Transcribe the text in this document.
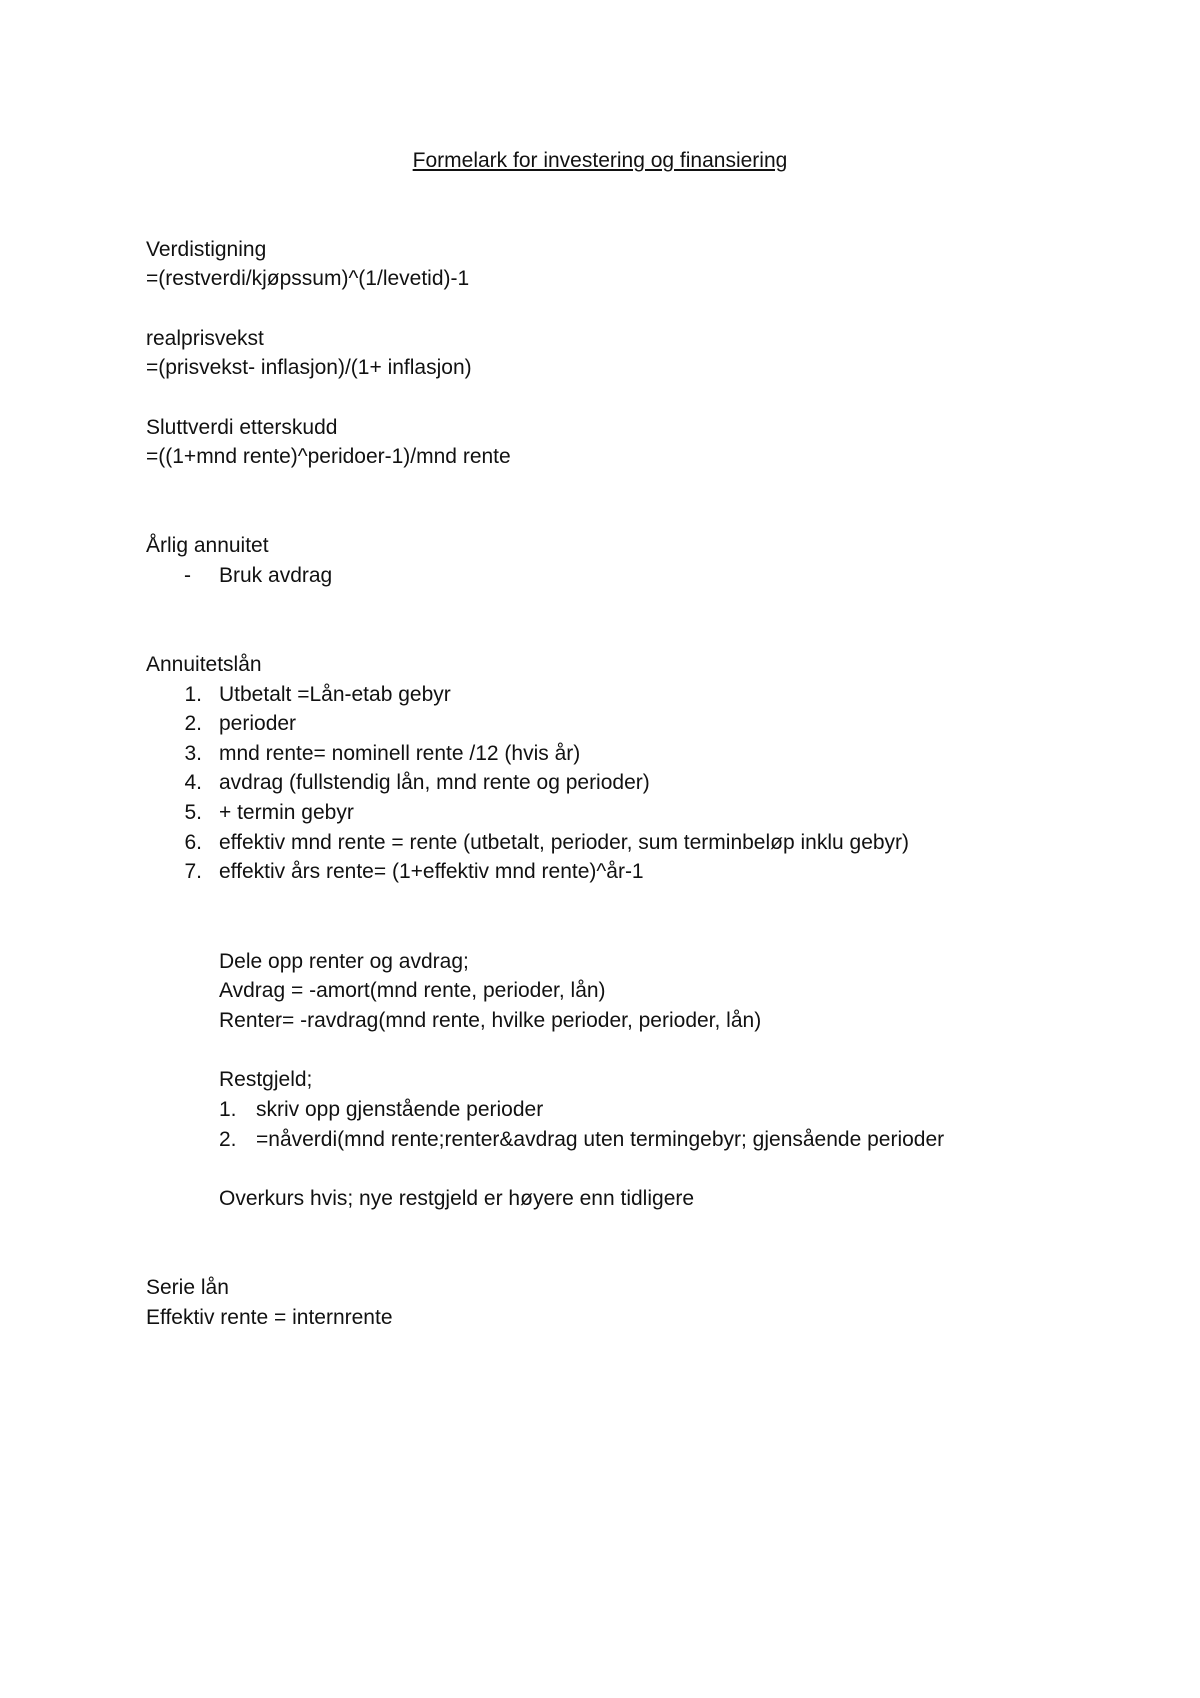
Formelark for investering og finansiering
Verdistigning
=(restverdi/kjøpssum)^(1/levetid)-1
realprisvekst
=(prisvekst- inflasjon)/(1+ inflasjon)
Sluttverdi etterskudd
=((1+mnd rente)^peridoer-1)/mnd rente
Årlig annuitet
- Bruk avdrag
Annuitetslån
1. Utbetalt =Lån-etab gebyr
2. perioder
3. mnd rente= nominell rente /12 (hvis år)
4. avdrag (fullstendig lån, mnd rente og perioder)
5. + termin gebyr
6. effektiv mnd rente = rente (utbetalt, perioder, sum terminbeløp inklu gebyr)
7. effektiv års rente= (1+effektiv mnd rente)^år-1
Dele opp renter og avdrag;
Avdrag = -amort(mnd rente, perioder, lån)
Renter= -ravdrag(mnd rente, hvilke perioder, perioder, lån)
Restgjeld;
1. skriv opp gjenstående perioder
2. =nåverdi(mnd rente;renter&avdrag uten termingebyr; gjensående perioder
Overkurs hvis; nye restgjeld er høyere enn tidligere
Serie lån
Effektiv rente = internrente
